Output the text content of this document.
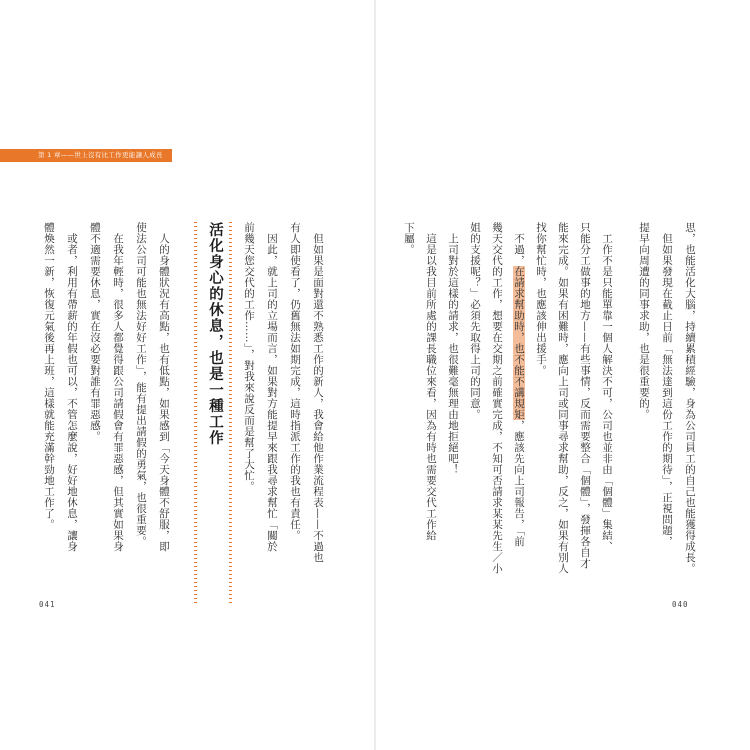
第 1 章——世上沒有比工作更能讓人成長
　但如果是面對還不熟悉工作的新人，我會給他作業流程表——不過也
有人即使看了，仍舊無法如期完成，這時指派工作的我也有責任。
　因此，就上司的立場而言，如果對方能提早來跟我尋求幫忙「關於
前幾天您交代的工作……」，對我來說反而是幫了大忙。
活化身心的休息，也是一種工作
　人的身體狀況有高點，也有低點，如果感到「今天身體不舒服，即
使法公司可能也無法好好工作」，能有提出請假的勇氣，也很重要。
　在我年輕時，很多人都覺得跟公司請假會有罪惡感，但其實如果身
體不適需要休息，實在沒必要對誰有罪惡感。
　或者，利用有帶薪的年假也可以，不管怎麼說，好好地休息，讓身
體煥然一新，恢復元氣後再上班，這樣就能充滿幹勁地工作了。
041
思，也能活化大腦，持續累積經驗，身為公司員工的自己也能獲得成長。
　但如果發現在截止日前「無法達到這份工作的期待」，正視問題，
提早向周遭的同事求助，也是很重要的。
　工作不是只能單靠一個人解決不可，公司也並非由「個體」集結、
只能分工做事的地方——有些事情，反而需要整合「個體」，發揮各自才
能來完成。如果有困難時，應向上司或同事尋求幫助，反之，如果有別人
找你幫忙時，也應該伸出援手。
　不過，在請求幫助時，也不能不講規矩，應該先向上司報告，「前
幾天交代的工作，想要在交期之前確實完成，不知可否請求某某先生／小
姐的支援呢？」必須先取得上司的同意。
　上司對於這樣的請求，也很難毫無理由地拒絕吧！
　這是以我目前所處的課長職位來看，因為有時也需要交代工作給
下屬。
040
